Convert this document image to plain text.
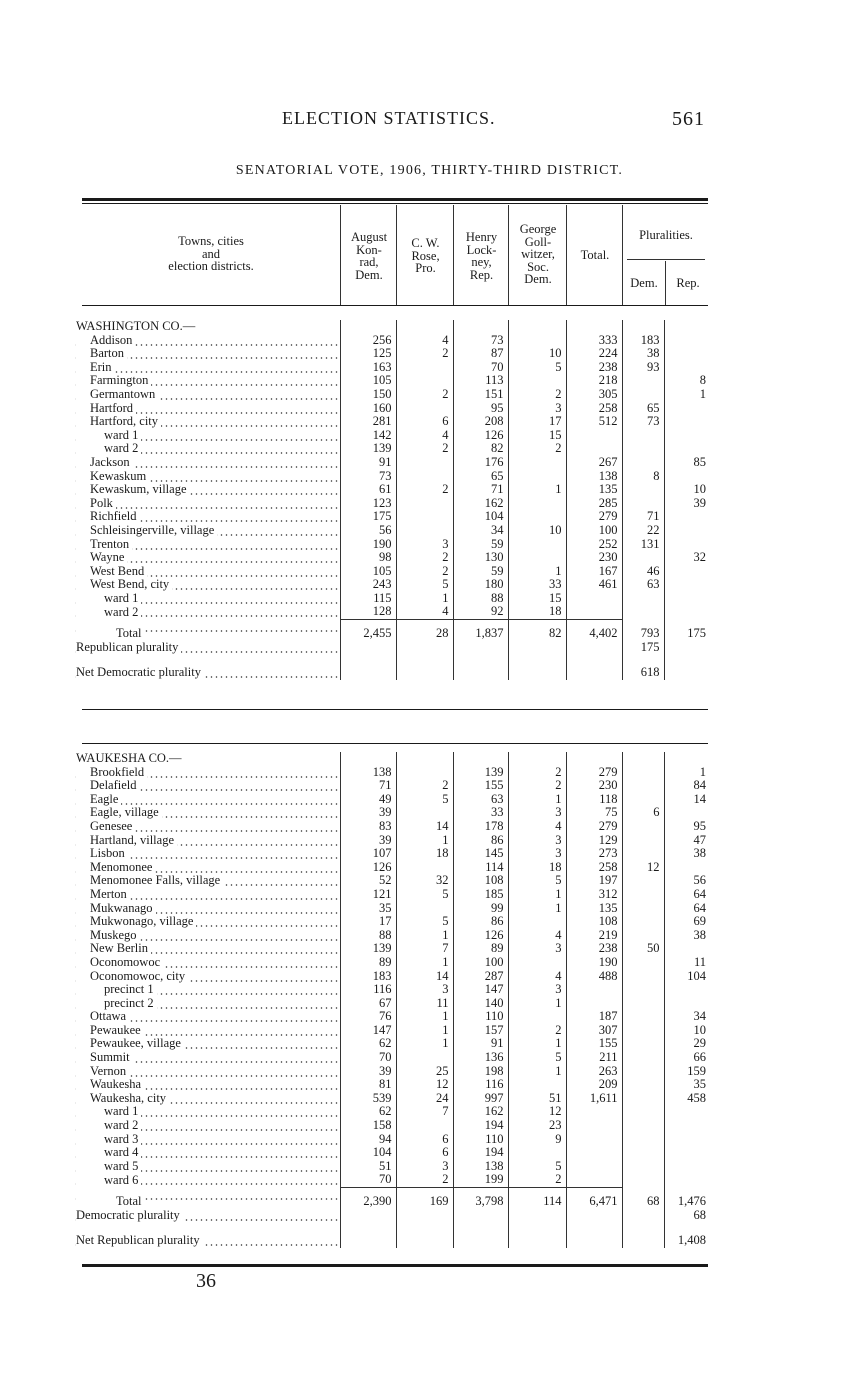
ELECTION STATISTICS.	561
SENATORIAL VOTE, 1906, THIRTY-THIRD DISTRICT.
Towns, cities
and
election districts.
August
Kon-
rad,
Dem.
C. W.
Rose,
Pro.
Henry
Lock-
ney,
Rep.
George
Goll-
witzer,
Soc.
Dem.
Total.
Pluralities.
Dem.	Rep.
WASHINGTON CO.—							
Addison	256	4	73		333	183	
Barton	125	2	87	10	224	38	
Erin	163		70	5	238	93	
Farmington	105		113		218		8
Germantown	150	2	151	2	305		1
Hartford	160		95	3	258	65	
Hartford, city	281	6	208	17	512	73	
ward 1	142	4	126	15			
ward 2	139	2	82	2			
Jackson	91		176		267		85
Kewaskum	73		65		138	8	
Kewaskum, village	61	2	71	1	135		10
Polk	123		162		285		39
Richfield	175		104		279	71	
Schleisingerville, village	56		34	10	100	22	
Trenton	190	3	59		252	131	
Wayne	98	2	130		230		32
West Bend	105	2	59	1	167	46	
West Bend, city	243	5	180	33	461	63	
ward 1	115	1	88	15			
ward 2	128	4	92	18			
Total	2,455	28	1,837	82	4,402	793	175
Republican plurality						175	

Net Democratic plurality						618	
WAUKESHA CO.—							
Brookfield	138		139	2	279		1
Delafield	71	2	155	2	230		84
Eagle	49	5	63	1	118		14
Eagle, village	39		33	3	75	6	
Genesee	83	14	178	4	279		95
Hartland, village	39	1	86	3	129		47
Lisbon	107	18	145	3	273		38
Menomonee	126		114	18	258	12	
Menomonee Falls, village	52	32	108	5	197		56
Merton	121	5	185	1	312		64
Mukwanago	35		99	1	135		64
Mukwonago, village	17	5	86		108		69
Muskego	88	1	126	4	219		38
New Berlin	139	7	89	3	238	50	
Oconomowoc	89	1	100		190		11
Oconomowoc, city	183	14	287	4	488		104
precinct 1	116	3	147	3			
precinct 2	67	11	140	1			
Ottawa	76	1	110		187		34
Pewaukee	147	1	157	2	307		10
Pewaukee, village	62	1	91	1	155		29
Summit	70		136	5	211		66
Vernon	39	25	198	1	263		159
Waukesha	81	12	116		209		35
Waukesha, city	539	24	997	51	1,611		458
ward 1	62	7	162	12			
ward 2	158		194	23			
ward 3	94	6	110	9			
ward 4	104	6	194				
ward 5	51	3	138	5			
ward 6	70	2	199	2			
Total	2,390	169	3,798	114	6,471	68	1,476
Democratic plurality							68

Net Republican plurality							1,408
36
